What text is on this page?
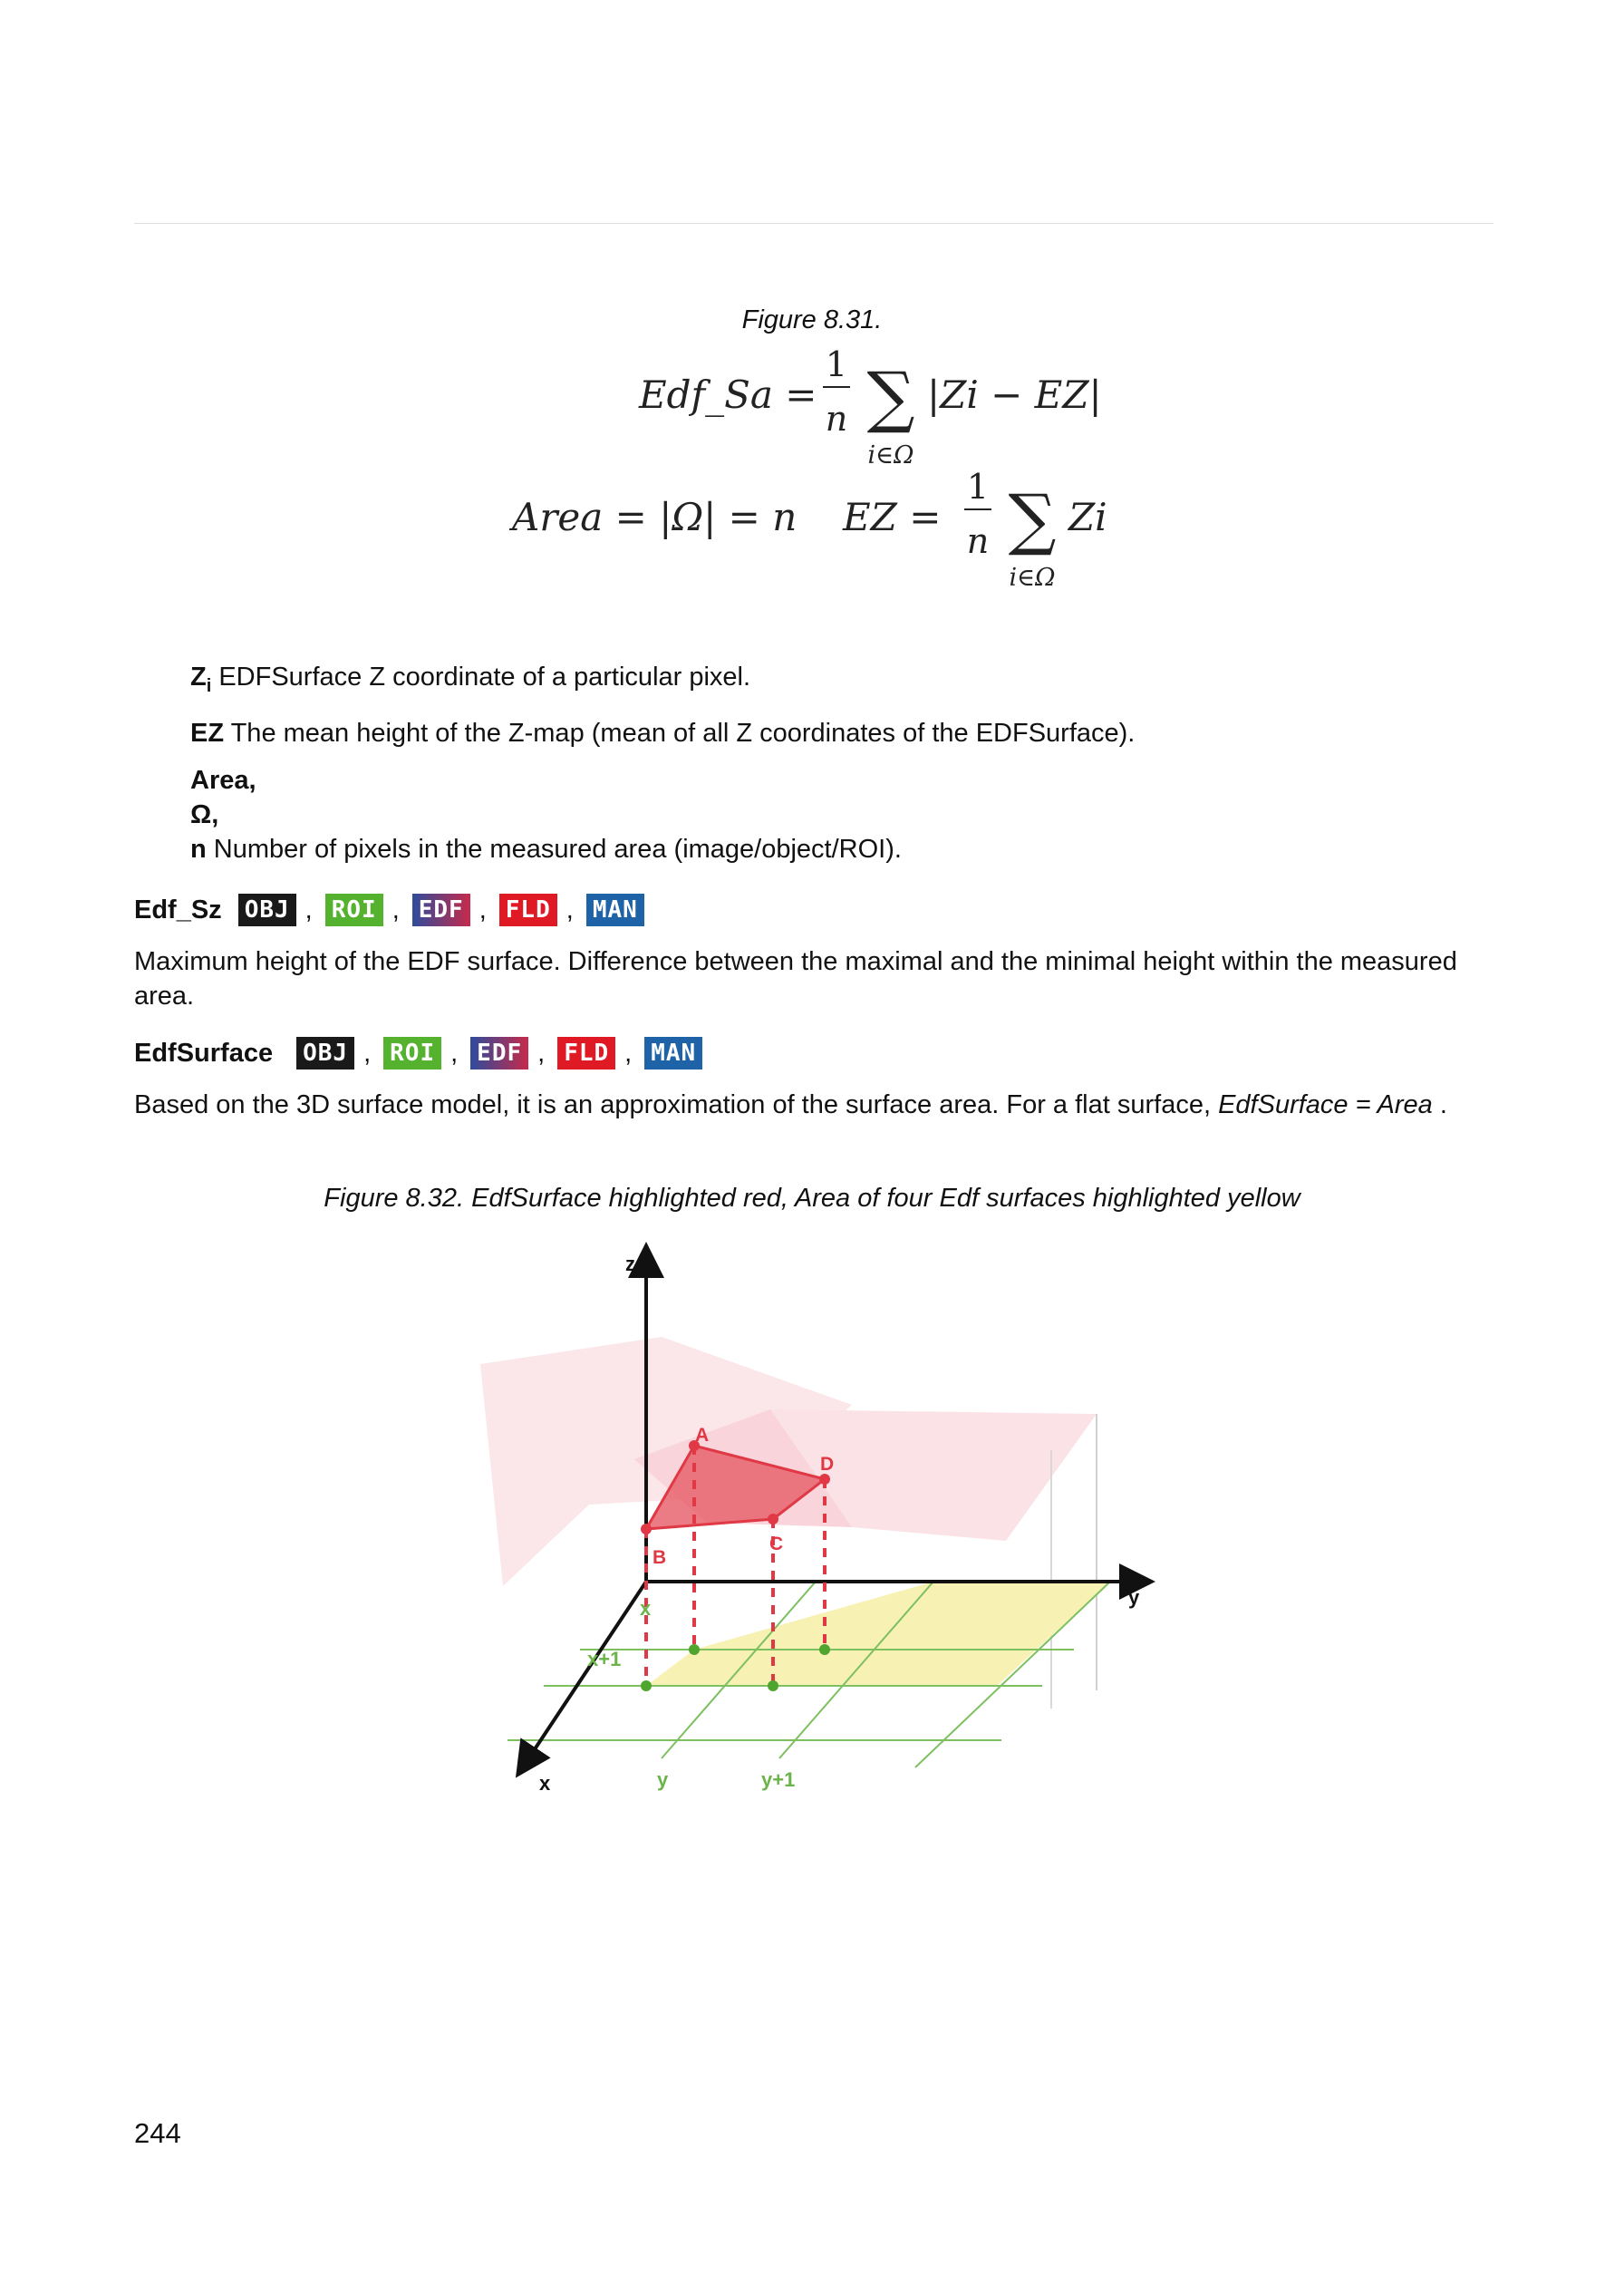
Figure 8.31.
Edf_Sa =
1
n ∑
i∈Ω
|Zi − EZ|
Area = |Ω| = n EZ =
1
n ∑
i∈Ω
Zi

$Z_i$ EDFSurface Z coordinate of a particular pixel.

EZ The mean height of the Z-map (mean of all Z coordinates of the EDFSurface).

Area,

Ω,

n Number of pixels in the measured area (image/object/ROI).

Edf_Sz OBJ , ROI , EDF , FLD , MAN
Maximum height of the EDF surface. Difference between the maximal and the minimal height within the measured area.
EdfSurface OBJ , ROI , EDF , FLD , MAN
Based on the 3D surface model, it is an approximation of the surface area. For a flat surface, EdfSurface = Area .
Figure 8.32. EdfSurface highlighted red, Area of four Edf surfaces highlighted yellow
z
y
x
x
x+1
y	y+1
A
B
C
D
244
